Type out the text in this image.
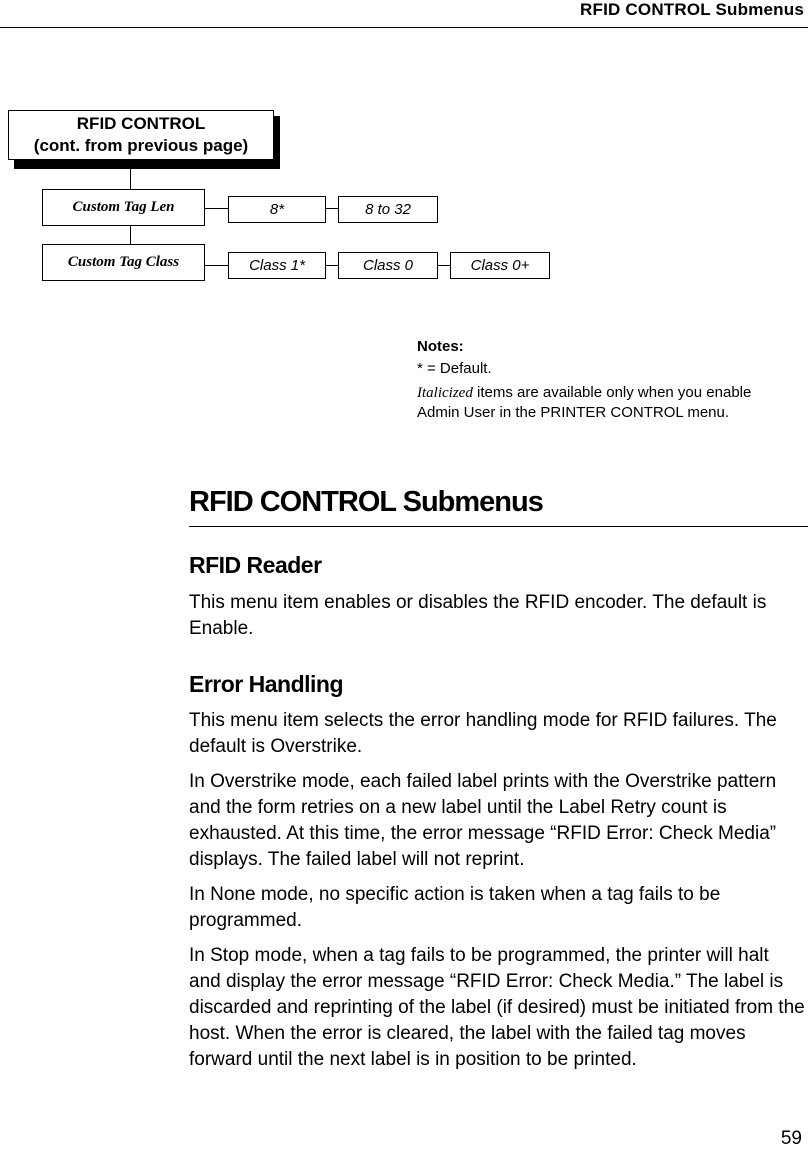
RFID CONTROL Submenus
RFID CONTROL
(cont. from previous page)
Custom Tag Len	8*	8 to 32
Custom Tag Class	Class 1*	Class 0	Class 0+
Notes:
* = Default.
Italicized items are available only when you enable Admin User in the PRINTER CONTROL menu.
RFID CONTROL Submenus
RFID Reader

This menu item enables or disables the RFID encoder. The default is Enable.

Error Handling

This menu item selects the error handling mode for RFID failures. The default is Overstrike.

In Overstrike mode, each failed label prints with the Overstrike pattern and the form retries on a new label until the Label Retry count is exhausted. At this time, the error message “RFID Error: Check Media” displays. The failed label will not reprint.

In None mode, no specific action is taken when a tag fails to be programmed.

In Stop mode, when a tag fails to be programmed, the printer will halt and display the error message “RFID Error: Check Media.” The label is discarded and reprinting of the label (if desired) must be initiated from the host. When the error is cleared, the label with the failed tag moves forward until the next label is in position to be printed.

59
